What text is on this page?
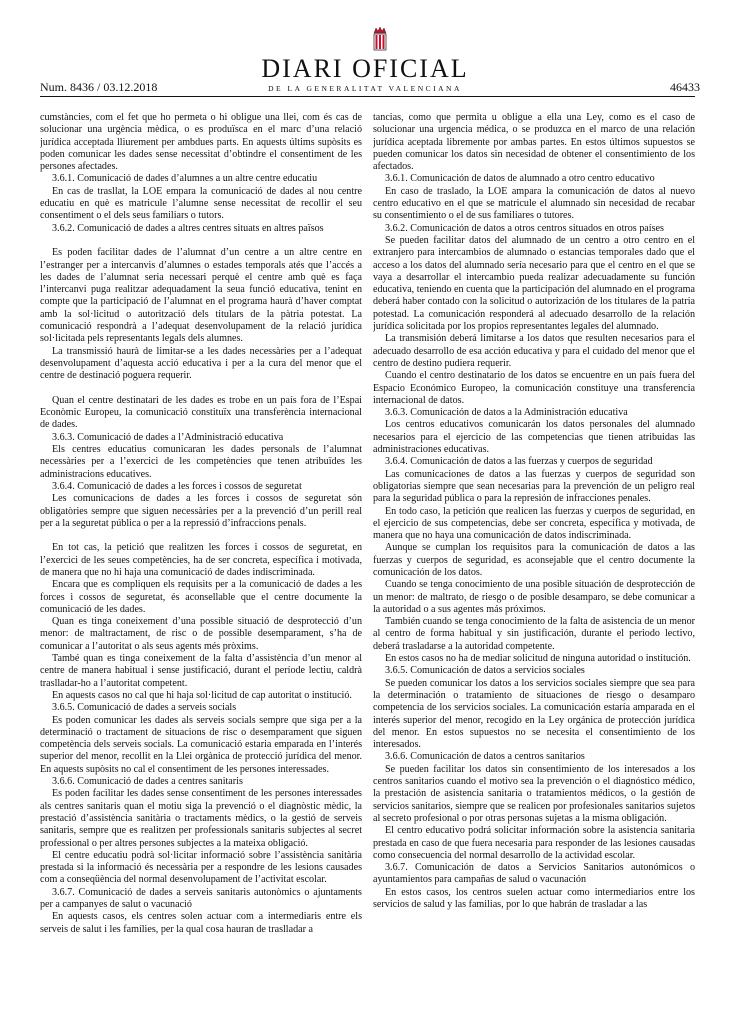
DIARI OFICIAL
DE LA GENERALITAT VALENCIANA
Num. 8436 / 03.12.2018	46433

cumstàncies, com el fet que ho permeta o hi obligue una llei, com és cas de solucionar una urgència mèdica, o es produïsca en el marc d’una relació jurídica acceptada lliurement per ambdues parts. En aquests últims supòsits es poden comunicar les dades sense necessitat d’obtindre el consentiment de les persones afectades.

3.6.1. Comunicació de dades d’alumnes a un altre centre educatiu

En cas de trasllat, la LOE empara la comunicació de dades al nou centre educatiu en què es matricule l’alumne sense necessitat de recollir el seu consentiment o el dels seus familiars o tutors.

3.6.2. Comunicació de dades a altres centres situats en altres països

Es poden facilitar dades de l’alumnat d’un centre a un altre centre en l’estranger per a intercanvis d’alumnes o estades temporals atés que l’accés a les dades de l’alumnat seria necessari perquè el centre amb què es faça l’intercanvi puga realitzar adequadament la seua funció educativa, tenint en compte que la participació de l’alumnat en el programa haurà d’haver comptat amb la sol·licitud o autorització dels titulars de la pàtria potestat. La comunicació respondrà a l’adequat desenvolupament de la relació jurídica sol·licitada pels representants legals dels alumnes.

La transmissió haurà de limitar-se a les dades necessàries per a l’adequat desenvolupament d’aquesta acció educativa i per a la cura del menor que el centre de destinació poguera requerir.

Quan el centre destinatari de les dades es trobe en un país fora de l’Espai Econòmic Europeu, la comunicació constituïx una transferència internacional de dades.

3.6.3. Comunicació de dades a l’Administració educativa

Els centres educatius comunicaran les dades personals de l’alumnat necessàries per a l’exercici de les competències que tenen atribuïdes les administracions educatives.

3.6.4. Comunicació de dades a les forces i cossos de seguretat

Les comunicacions de dades a les forces i cossos de seguretat són obligatòries sempre que siguen necessàries per a la prevenció d’un perill real per a la seguretat pública o per a la repressió d’infraccions penals.

En tot cas, la petició que realitzen les forces i cossos de seguretat, en l’exercici de les seues competències, ha de ser concreta, específica i motivada, de manera que no hi haja una comunicació de dades indiscriminada.

Encara que es compliquen els requisits per a la comunicació de dades a les forces i cossos de seguretat, és aconsellable que el centre documente la comunicació de les dades.

Quan es tinga coneixement d’una possible situació de desprotecció d’un menor: de maltractament, de risc o de possible desemparament, s’ha de comunicar a l’autoritat o als seus agents més pròxims.

També quan es tinga coneixement de la falta d’assistència d’un menor al centre de manera habitual i sense justificació, durant el període lectiu, caldrà traslladar-ho a l’autoritat competent.

En aquests casos no cal que hi haja sol·licitud de cap autoritat o institució.

3.6.5. Comunicació de dades a serveis socials

Es poden comunicar les dades als serveis socials sempre que siga per a la determinació o tractament de situacions de risc o desemparament que siguen competència dels serveis socials. La comunicació estaria emparada en l’interés superior del menor, recollit en la Llei orgànica de protecció jurídica del menor. En aquests supòsits no cal el consentiment de les persones interessades.

3.6.6. Comunicació de dades a centres sanitaris

Es poden facilitar les dades sense consentiment de les persones interessades als centres sanitaris quan el motiu siga la prevenció o el diagnòstic mèdic, la prestació d’assistència sanitària o tractaments mèdics, o la gestió de serveis sanitaris, sempre que es realitzen per professionals sanitaris subjectes al secret professional o per altres persones subjectes a la mateixa obligació.

El centre educatiu podrà sol·licitar informació sobre l’assistència sanitària prestada si la informació és necessària per a respondre de les lesions causades com a conseqüència del normal desenvolupament de l’activitat escolar.

3.6.7. Comunicació de dades a serveis sanitaris autonòmics o ajuntaments per a campanyes de salut o vacunació

En aquests casos, els centres solen actuar com a intermediaris entre els serveis de salut i les famílies, per la qual cosa hauran de traslladar a

tancias, como que permita u obligue a ella una Ley, como es el caso de solucionar una urgencia médica, o se produzca en el marco de una relación jurídica aceptada libremente por ambas partes. En estos últimos supuestos se pueden comunicar los datos sin necesidad de obtener el consentimiento de los afectados.

3.6.1. Comunicación de datos de alumnado a otro centro educativo

En caso de traslado, la LOE ampara la comunicación de datos al nuevo centro educativo en el que se matricule el alumnado sin necesidad de recabar su consentimiento o el de sus familiares o tutores.

3.6.2. Comunicación de datos a otros centros situados en otros países

Se pueden facilitar datos del alumnado de un centro a otro centro en el extranjero para intercambios de alumnado o estancias temporales dado que el acceso a los datos del alumnado sería necesario para que el centro en el que se vaya a desarrollar el intercambio pueda realizar adecuadamente su función educativa, teniendo en cuenta que la participación del alumnado en el programa deberá haber contado con la solicitud o autorización de los titulares de la patria potestad. La comunicación responderá al adecuado desarrollo de la relación jurídica solicitada por los propios representantes legales del alumnado.

La transmisión deberá limitarse a los datos que resulten necesarios para el adecuado desarrollo de esa acción educativa y para el cuidado del menor que el centro de destino pudiera requerir.

Cuando el centro destinatario de los datos se encuentre en un país fuera del Espacio Económico Europeo, la comunicación constituye una transferencia internacional de datos.

3.6.3. Comunicación de datos a la Administración educativa

Los centros educativos comunicarán los datos personales del alumnado necesarios para el ejercicio de las competencias que tienen atribuidas las administraciones educativas.

3.6.4. Comunicación de datos a las fuerzas y cuerpos de seguridad

Las comunicaciones de datos a las fuerzas y cuerpos de seguridad son obligatorias siempre que sean necesarias para la prevención de un peligro real para la seguridad pública o para la represión de infracciones penales.

En todo caso, la petición que realicen las fuerzas y cuerpos de seguridad, en el ejercicio de sus competencias, debe ser concreta, específica y motivada, de manera que no haya una comunicación de datos indiscriminada.

Aunque se cumplan los requisitos para la comunicación de datos a las fuerzas y cuerpos de seguridad, es aconsejable que el centro documente la comunicación de los datos.

Cuando se tenga conocimiento de una posible situación de desprotección de un menor: de maltrato, de riesgo o de posible desamparo, se debe comunicar a la autoridad o a sus agentes más próximos.

También cuando se tenga conocimiento de la falta de asistencia de un menor al centro de forma habitual y sin justificación, durante el periodo lectivo, deberá trasladarse a la autoridad competente.

En estos casos no ha de mediar solicitud de ninguna autoridad o institución.

3.6.5. Comunicación de datos a servicios sociales

Se pueden comunicar los datos a los servicios sociales siempre que sea para la determinación o tratamiento de situaciones de riesgo o desamparo competencia de los servicios sociales. La comunicación estaría amparada en el interés superior del menor, recogido en la Ley orgánica de protección jurídica del menor. En estos supuestos no se necesita el consentimiento de los interesados.

3.6.6. Comunicación de datos a centros sanitarios

Se pueden facilitar los datos sin consentimiento de los interesados a los centros sanitarios cuando el motivo sea la prevención o el diagnóstico médico, la prestación de asistencia sanitaria o tratamientos médicos, o la gestión de servicios sanitarios, siempre que se realicen por profesionales sanitarios sujetos al secreto profesional o por otras personas sujetas a la misma obligación.

El centro educativo podrá solicitar información sobre la asistencia sanitaria prestada en caso de que fuera necesaria para responder de las lesiones causadas como consecuencia del normal desarrollo de la actividad escolar.

3.6.7. Comunicación de datos a Servicios Sanitarios autonómicos o ayuntamientos para campañas de salud o vacunación

En estos casos, los centros suelen actuar como intermediarios entre los servicios de salud y las familias, por lo que habrán de trasladar a las
